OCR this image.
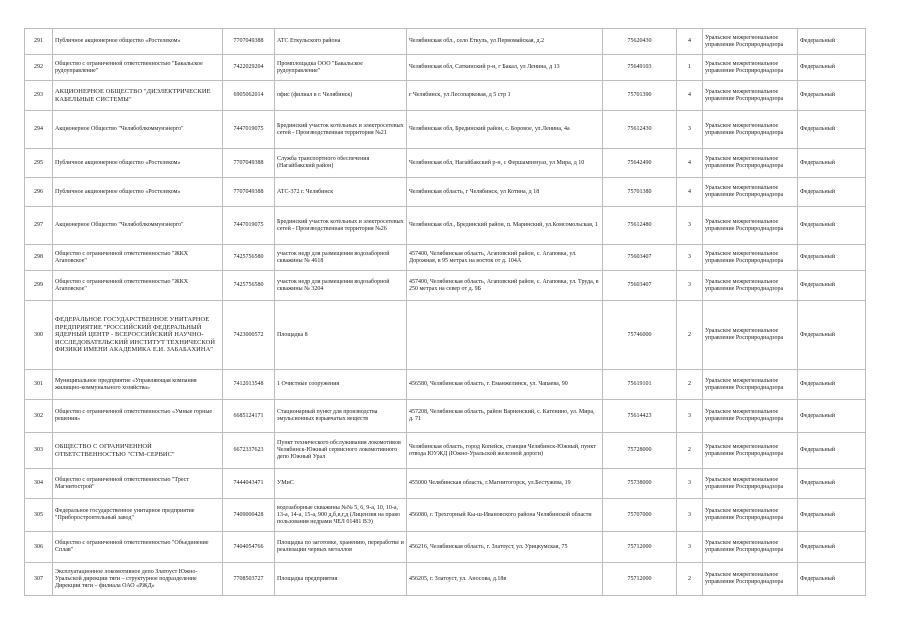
291	Публичное акционерное общество «Ростелеком»	7707049388	АТС Еткульского района	Челябинская обл., село Еткуль, ул Первомайская, д.2	75620430	4	Уральское межрегиональное управление Росприроднадзора	Федеральный
292	Общество с ограниченной ответственностью "Бакальское рудоуправление"	7422029204	Промплощадка ООО "Бакальское рудоуправление"	Челябинская обл, Саткинский р-н, г Бакал, ул Ленина, д 13	75649103	1	Уральское межрегиональное управление Росприроднадзора	Федеральный
293	АКЦИОНЕРНОЕ ОБЩЕСТВО "ДИЭЛЕКТРИЧЕСКИЕ КАБЕЛЬНЫЕ СИСТЕМЫ"	6905062014	офис (филиал в г. Челябинск)	г Челябинск, ул Лесопарковая, д 5 стр 1	75701390	4	Уральское межрегиональное управление Росприроднадзора	Федеральный
294	Акционерное Общество "Челябоблкоммунэнерго"	7447019075	Брединский участок котельных и электросетевых сетей - Производственная территория №21	Челябинская обл, Брединский район, с. Боровое, ул.Ленина, 4а	75612430	3	Уральское межрегиональное управление Росприроднадзора	Федеральный
295	Публичное акционерное общество «Ростелеком»	7707049388	Служба транспортного обеспечения (Нагайбакский район)	Челябинская обл, Нагайбакский р-н, с Фершампенуаз, ул Мира, д 10	75642490	4	Уральское межрегиональное управление Росприроднадзора	Федеральный
296	Публичное акционерное общество «Ростелеком»	7707049388	АТС-372 г. Челябинск	Челябинская область, г Челябинск, ул Котина, д 18	75701380	4	Уральское межрегиональное управление Росприроднадзора	Федеральный
297	Акционерное Общество "Челябоблкоммунэнерго"	7447019075	Брединский участок котельных и электросетевых сетей - Производственная территория №26	Челябинская обл., Брединский район, п. Маринский, ул.Комсомольская, 1	75612480	3	Уральское межрегиональное управление Росприроднадзора	Федеральный
298	Общество с ограниченной ответственностью "ЖКХ Агаповское"	7425756580	участок недр для размещения водозаборной скважины № 4618	457400, Челябинская область, Агаповский район, с. Агаповка, ул. Дорожная, в 95 метрах на восток от д. 104А	75603407	3	Уральское межрегиональное управление Росприроднадзора	Федеральный
299	Общество с ограниченной ответственностью "ЖКХ Агаповское"	7425756580	участок недр для размещения водозаборной скважины № 3204	457400, Челябинская область, Агаповский район, с. Агаповка, ул. Труда, в 250 метрах на север от д. 9Б	75603407	3	Уральское межрегиональное управление Росприроднадзора	Федеральный
300	ФЕДЕРАЛЬНОЕ ГОСУДАРСТВЕННОЕ УНИТАРНОЕ ПРЕДПРИЯТИЕ "РОССИЙСКИЙ ФЕДЕРАЛЬНЫЙ ЯДЕРНЫЙ ЦЕНТР - ВСЕРОССИЙСКИЙ НАУЧНО-ИССЛЕДОВАТЕЛЬСКИЙ ИНСТИТУТ ТЕХНИЧЕСКОЙ ФИЗИКИ ИМЕНИ АКАДЕМИКА Е.И. ЗАБАБАХИНА"	7423000572	Площадка 8		75746000	2	Уральское межрегиональное управление Росприроднадзора	Федеральный
301	Муниципальное предприятие «Управляющая компания жилищно-коммунального хозяйства»	7412013548	1 Очистные сооружения	456580, Челябинская область, г. Еманжелинск, ул. Чапаева, 90	75619101	2	Уральское межрегиональное управление Росприроднадзора	Федеральный
302	Общество с ограниченной ответственностью «Умные горные решения»	6685124171	Стационарный пункт для производства эмульсионных взрывчатых веществ	457208, Челябинская область, район Варненский, с. Катенино, ул. Мира, д. 71	75614423	3	Уральское межрегиональное управление Росприроднадзора	Федеральный
303	ОБЩЕСТВО С ОГРАНИЧЕННОЙ ОТВЕТСТВЕННОСТЬЮ "СТМ-СЕРВИС"	6672337623	Пункт технического обслуживания локомотивов Челябинск-Южный сервисного локомотивного депо Южный Урал	Челябинская область, город Копейск, станция Челябинск-Южный, пункт отвода ЮУЖД (Южно-Уральской железной дороги)	75728000	2	Уральское межрегиональное управление Росприроднадзора	Федеральный
304	Общество с ограниченной ответственностью "Трест Магнитострой"	7444043471	УМиС	455000 Челябинская область, г.Магнитогорск, ул.Бестужева, 19	75738000	3	Уральское межрегиональное управление Росприроднадзора	Федеральный
305	Федеральное государственное унитарное предприятие "Приборостроительный завод"	7409000428	водозаборные скважины №№ 5, 6, 9-а, 10, 10-а, 13-а, 14-а, 15-а, 900 д,б,в,г,д (Лицензия на право пользования недрами ЧЕЛ 01481 ВЭ)	456080, г. Трехгорный Кы-ш-Ивановского района Челябинской области	75707000	3	Уральское межрегиональное управление Росприроднадзора	Федеральный
306	Общество с ограниченной ответственностью "Объединение Сплав"	7404054766	Площадка по заготовке, хранению, переработке и реализации черных металлов	456216, Челябинская область, г. Златоуст, ул. Урицкумская, 75	75712000	3	Уральское межрегиональное управление Росприроднадзора	Федеральный
307	Эксплуатационное локомотивное депо Златоуст Южно-Уральской дирекции тяги – структурное подразделение Дирекции тяги – филиала ОАО «РЖД»	7708503727	Площадка предприятия	456205, г. Златоуст, ул. Аносова, д.18в	75712000	2	Уральское межрегиональное управление Росприроднадзора	Федеральный
